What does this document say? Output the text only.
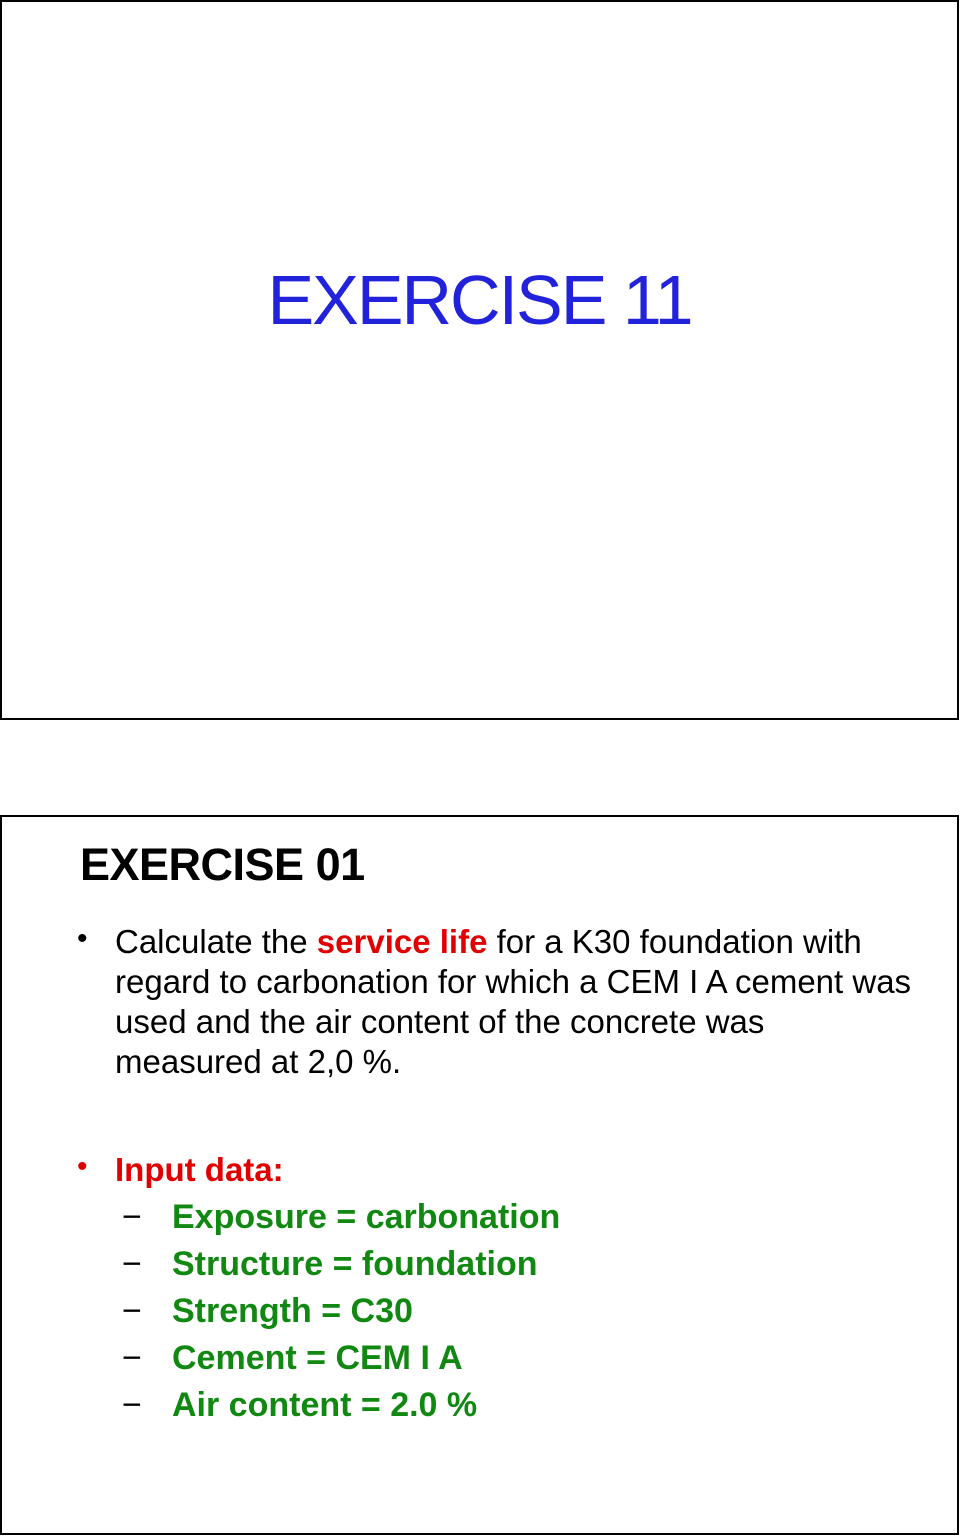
EXERCISE 11
EXERCISE 01
• Calculate the service life for a K30 foundation with regard to carbonation for which a CEM I A cement was used and the air content of the concrete was measured at 2,0 %.
• Input data:
− Exposure = carbonation
− Structure = foundation
− Strength = C30
− Cement = CEM I A
− Air content = 2.0 %
